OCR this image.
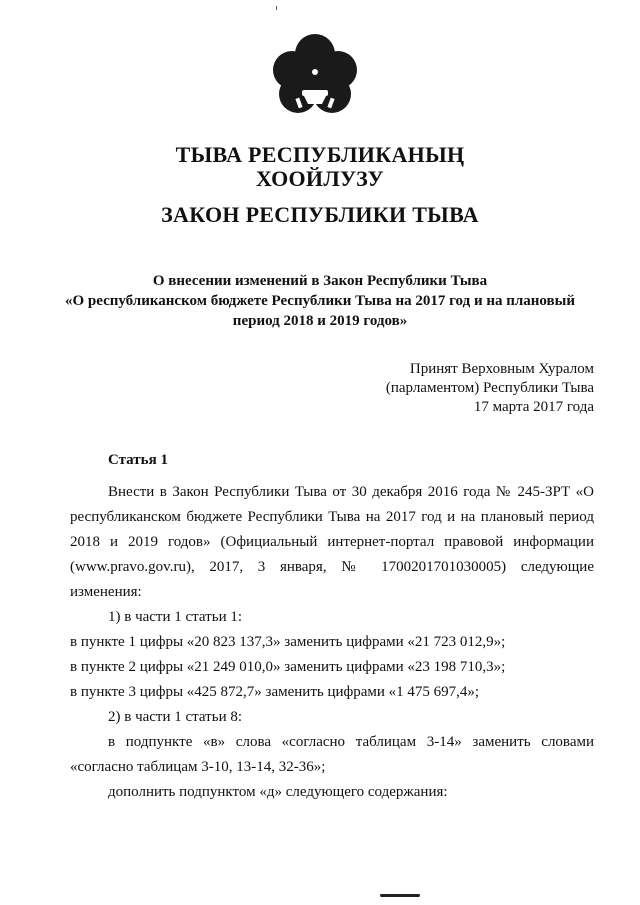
ТЫВА РЕСПУБЛИКАНЫҢ
ХООЙЛУЗУ
ЗАКОН РЕСПУБЛИКИ ТЫВА
О внесении изменений в Закон Республики Тыва
«О республиканском бюджете Республики Тыва на 2017 год и на плановый
период 2018 и 2019 годов»
Принят Верховным Хуралом
(парламентом) Республики Тыва
17 марта 2017 года
Статья 1

Внести в Закон Республики Тыва от 30 декабря 2016 года № 245-ЗРТ «О

республиканском бюджете Республики Тыва на 2017 год и на плановый период

2018 и 2019 годов» (Официальный интернет-портал правовой информации

(www.pravo.gov.ru), 2017, 3 января, № 1700201701030005) следующие

изменения:

1) в части 1 статьи 1:

в пункте 1 цифры «20 823 137,3» заменить цифрами «21 723 012,9»;

в пункте 2 цифры «21 249 010,0» заменить цифрами «23 198 710,3»;

в пункте 3 цифры «425 872,7» заменить цифрами «1 475 697,4»;

2) в части 1 статьи 8:

в подпункте «в» слова «согласно таблицам 3-14» заменить словами

«согласно таблицам 3-10, 13-14, 32-36»;

дополнить подпунктом «д» следующего содержания:
